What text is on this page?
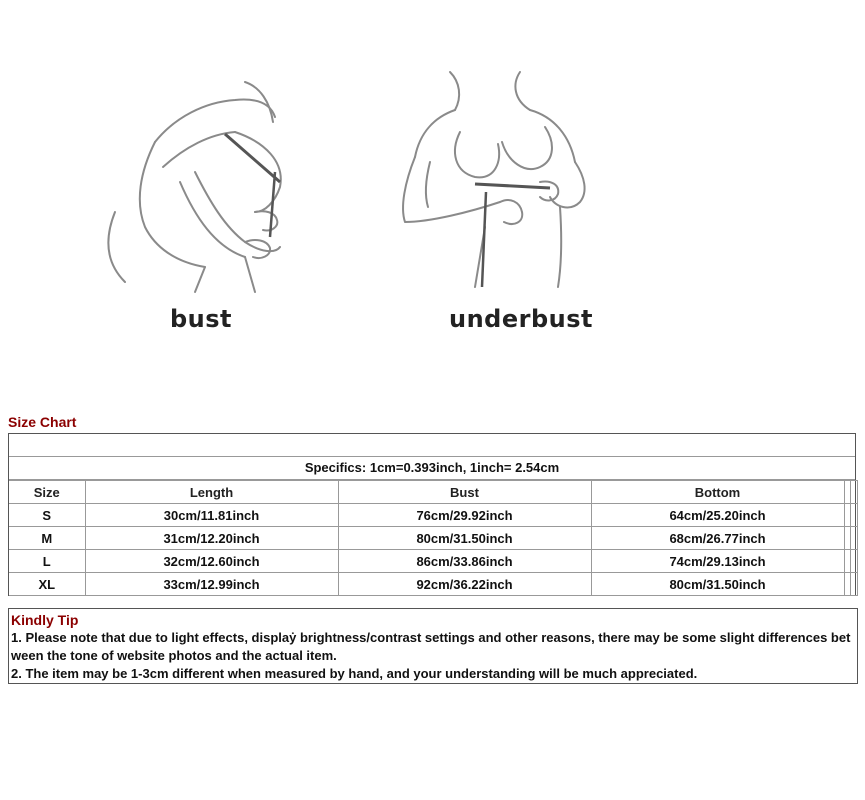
bust	underbust
Size Chart
Specifics: 1cm=0.393inch, 1inch= 2.54cm
Size	Length	Bust	Bottom		
S	30cm/11.81inch	76cm/29.92inch	64cm/25.20inch		
M	31cm/12.20inch	80cm/31.50inch	68cm/26.77inch		
L	32cm/12.60inch	86cm/33.86inch	74cm/29.13inch		
XL	33cm/12.99inch	92cm/36.22inch	80cm/31.50inch		
Kindly Tip
1. Please note that due to light effects, displaẏ brightness/contrast settings and other reasons, there may be some slight differences between the tone of website photos and the actual item.
2. The item may be 1-3cm different when measured by hand, and your understanding will be much appreciated.
